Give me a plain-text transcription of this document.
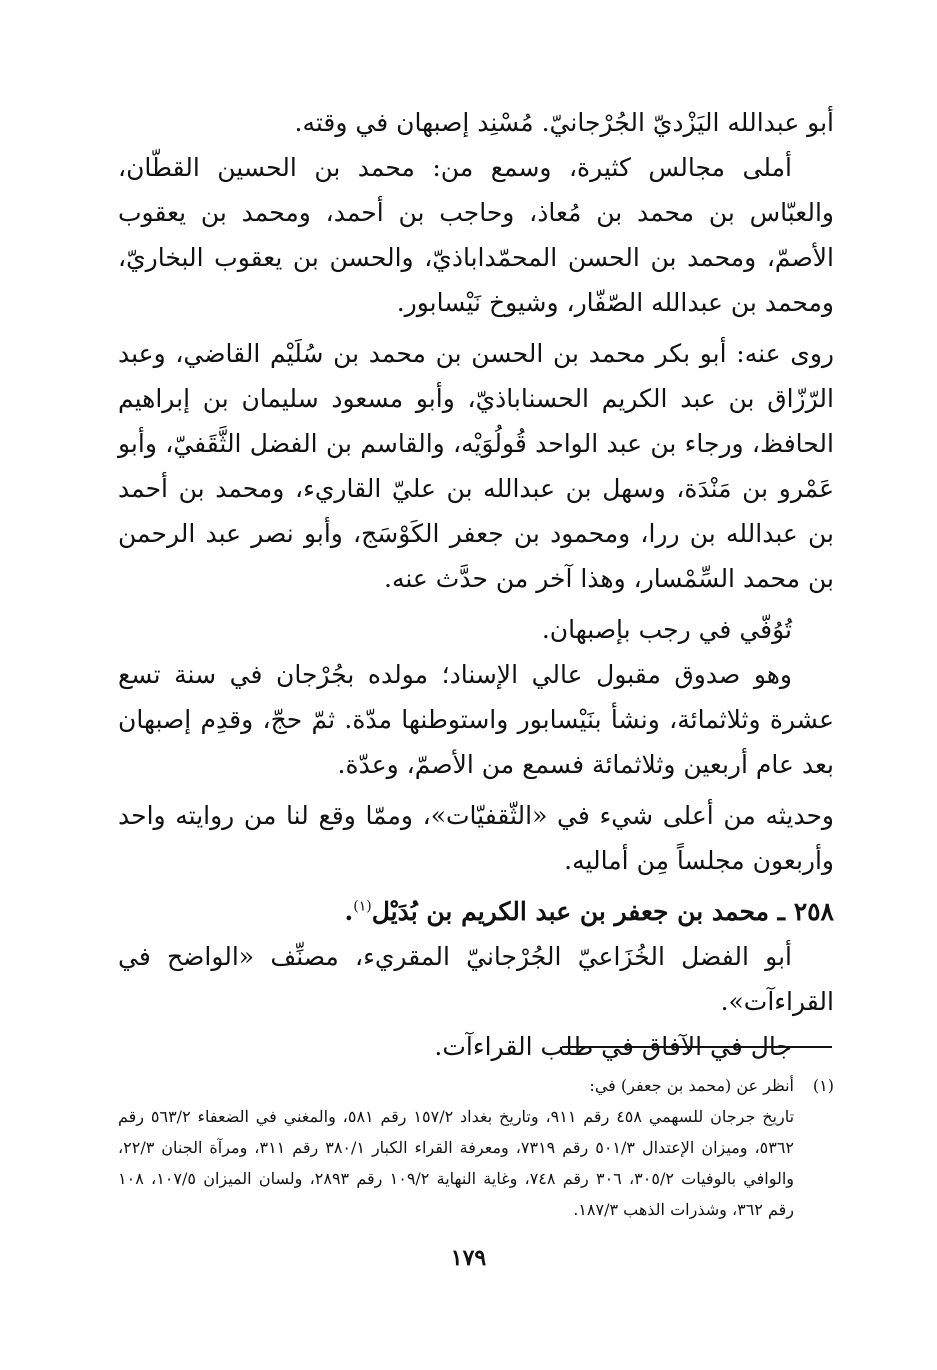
أبو عبدالله اليَزْديّ الجُرْجانيّ. مُسْنِد إصبهان في وقته.

أملى مجالس كثيرة، وسمع من: محمد بن الحسين القطّان، والعبّاس بن محمد بن مُعاذ، وحاجب بن أحمد، ومحمد بن يعقوب الأصمّ، ومحمد بن الحسن المحمّداباذيّ، والحسن بن يعقوب البخاريّ، ومحمد بن عبدالله الصّفّار، وشيوخ نَيْسابور.

روى عنه: أبو بكر محمد بن الحسن بن محمد بن سُلَيْم القاضي، وعبد الرّزّاق بن عبد الكريم الحسناباذيّ، وأبو مسعود سليمان بن إبراهيم الحافظ، ورجاء بن عبد الواحد قُولُوَيْه، والقاسم بن الفضل الثَّقَفيّ، وأبو عَمْرو بن مَنْدَة، وسهل بن عبدالله بن عليّ القاريء، ومحمد بن أحمد بن عبدالله بن ررا، ومحمود بن جعفر الكَوْسَج، وأبو نصر عبد الرحمن بن محمد السِّمْسار، وهذا آخر من حدَّث عنه.

تُوُفّي في رجب بإصبهان.

وهو صدوق مقبول عالي الإسناد؛ مولده بجُرْجان في سنة تسع عشرة وثلاثمائة، ونشأ بنَيْسابور واستوطنها مدّة. ثمّ حجّ، وقدِم إصبهان بعد عام أربعين وثلاثمائة فسمع من الأصمّ، وعدّة.

وحديثه من أعلى شيء في «الثّقفيّات»، وممّا وقع لنا من روايته واحد وأربعون مجلساً مِن أماليه.

٢٥٨ ـ محمد بن جعفر بن عبد الكريم بن بُدَيْل$^{(١)}$.

أبو الفضل الخُزَاعيّ الجُرْجانيّ المقريء، مصنِّف «الواضح في القراءآت».

جال في الآفاق في طلب القراءآت.

(١)

أنظر عن (محمد بن جعفر) في:

تاريخ جرجان للسهمي ٤٥٨ رقم ٩١١، وتاريخ بغداد ١٥٧/٢ رقم ٥٨١، والمغني في الضعفاء ٥٦٣/٢ رقم ٥٣٦٢، وميزان الإعتدال ٥٠١/٣ رقم ٧٣١٩، ومعرفة القراء الكبار ٣٨٠/١ رقم ٣١١، ومرآة الجنان ٢٢/٣، والوافي بالوفيات ٣٠٥/٢، ٣٠٦ رقم ٧٤٨، وغاية النهاية ١٠٩/٢ رقم ٢٨٩٣، ولسان الميزان ١٠٧/٥، ١٠٨ رقم ٣٦٢، وشذرات الذهب ١٨٧/٣.

١٧٩
